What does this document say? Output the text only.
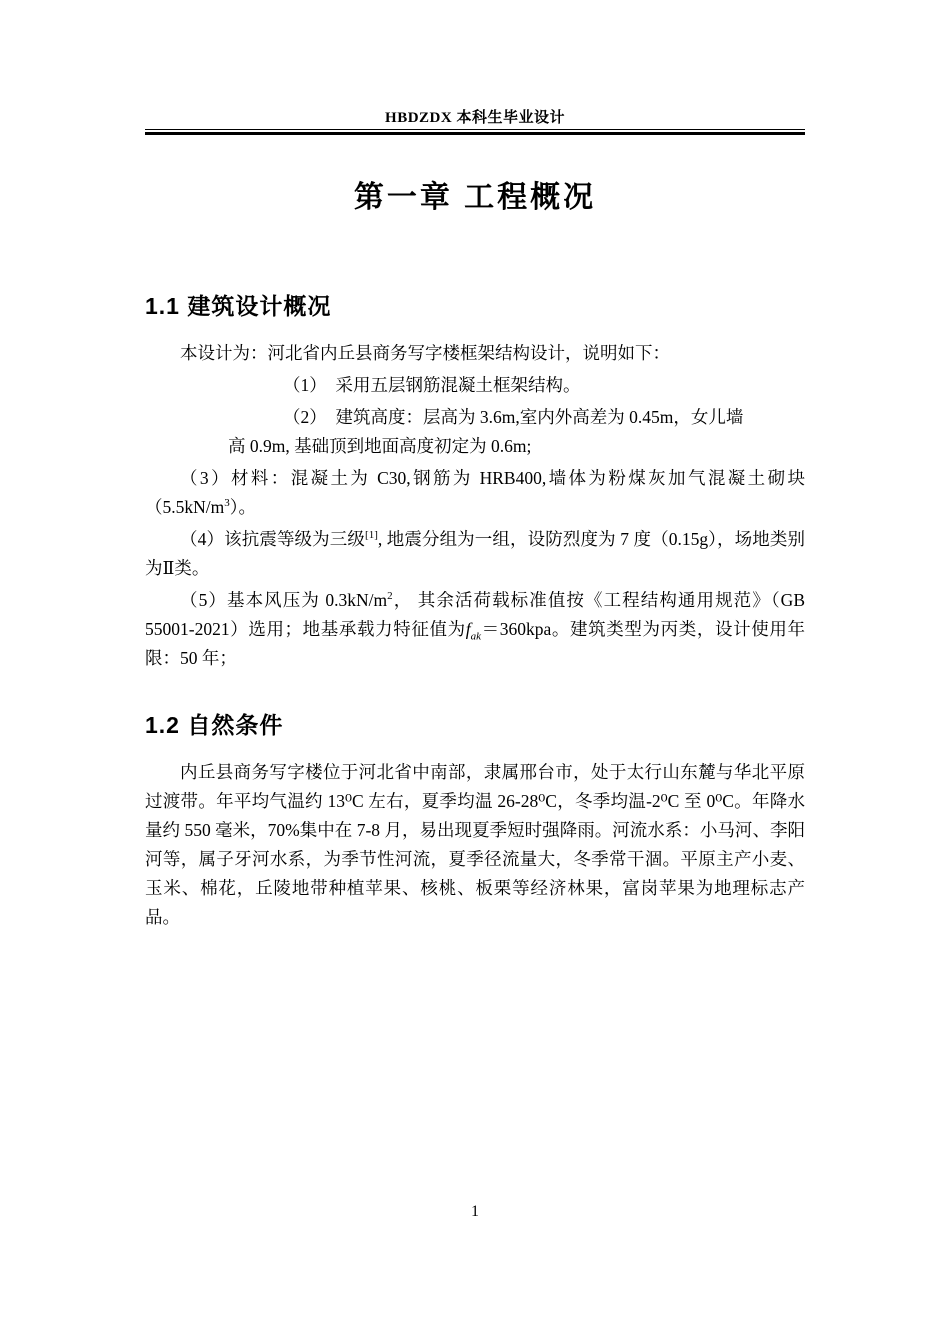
HBDZDX 本科生毕业设计
第一章 工程概况
1.1 建筑设计概况

本设计为：河北省内丘县商务写字楼框架结构设计，说明如下：

（1）　采用五层钢筋混凝土框架结构。

（2）　建筑高度：层高为 3.6m,室内外高差为 0.45m，女儿墙
高 0.9m, 基础顶到地面高度初定为 0.6m;

（3）材料：混凝土为 C30,钢筋为 HRB400,墙体为粉煤灰加气混凝土砌块$(5.5kN/m^3)$。

（4）该抗震等级为三级[1], 地震分组为一组，设防烈度为 7 度（0.15g），场地类别为Ⅱ类。

（5）基本风压为 $0.3kN/m^2$， 其余活荷载标准值按《工程结构通用规范》（GB 55001-2021）选用；地基承载力特征值为$f_{ak}=360kpa$。建筑类型为丙类，设计使用年限：50 年；

1.2 自然条件

内丘县商务写字楼位于河北省中南部，隶属邢台市，处于太行山东麓与华北平原过渡带。年平均气温约 13⁰C 左右，夏季均温 26-28⁰C，冬季均温-2⁰C 至 0⁰C。年降水量约 550 毫米，70%集中在 7-8 月，易出现夏季短时强降雨。河流水系：小马河、李阳河等，属子牙河水系，为季节性河流，夏季径流量大，冬季常干涸。平原主产小麦、玉米、棉花，丘陵地带种植苹果、核桃、板栗等经济林果，富岗苹果为地理标志产品。

1
